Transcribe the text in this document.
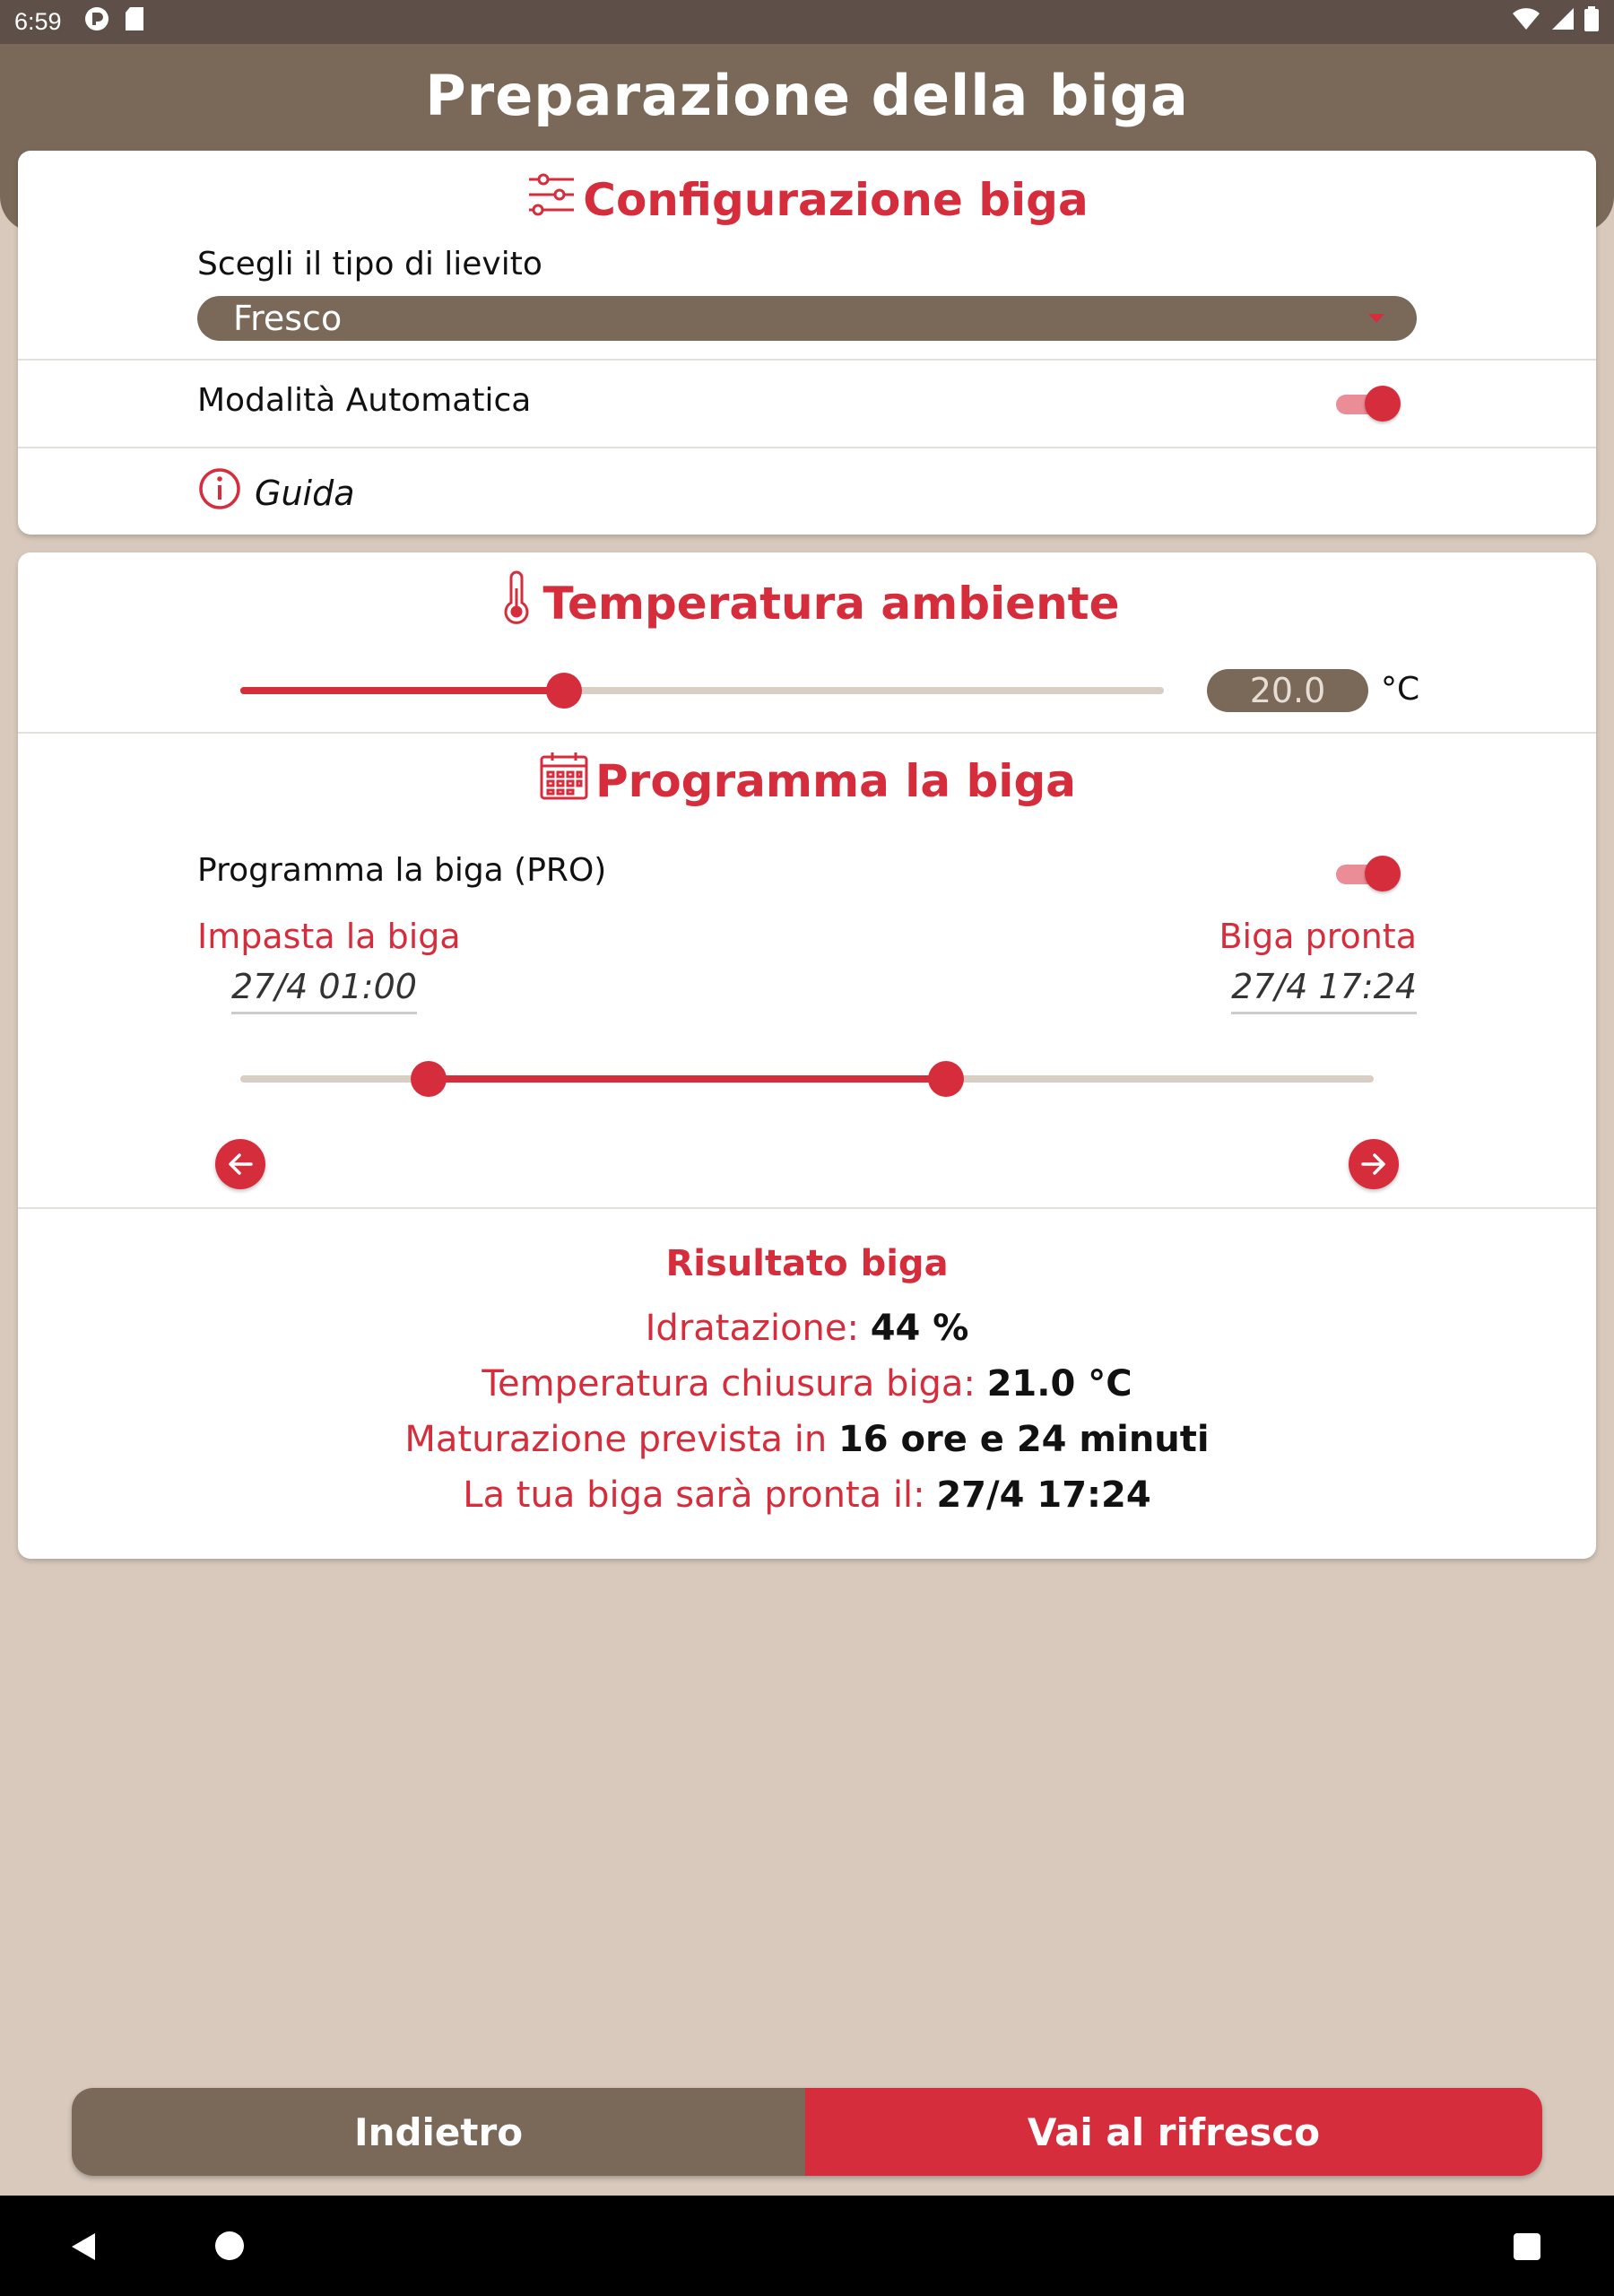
6:59
Preparazione della biga
Configurazione biga
Scegli il tipo di lievito
Fresco
Modalità Automatica
Guida
Temperatura ambiente
20.0 °C
Programma la biga
Programma la biga (PRO)
Impasta la biga	Biga pronta
27/4 01:00	27/4 17:24
Risultato biga
Idratazione: 44 %
Temperatura chiusura biga: 21.0 °C
Maturazione prevista in 16 ore e 24 minuti
La tua biga sarà pronta il: 27/4 17:24
Indietro	Vai al rifresco
